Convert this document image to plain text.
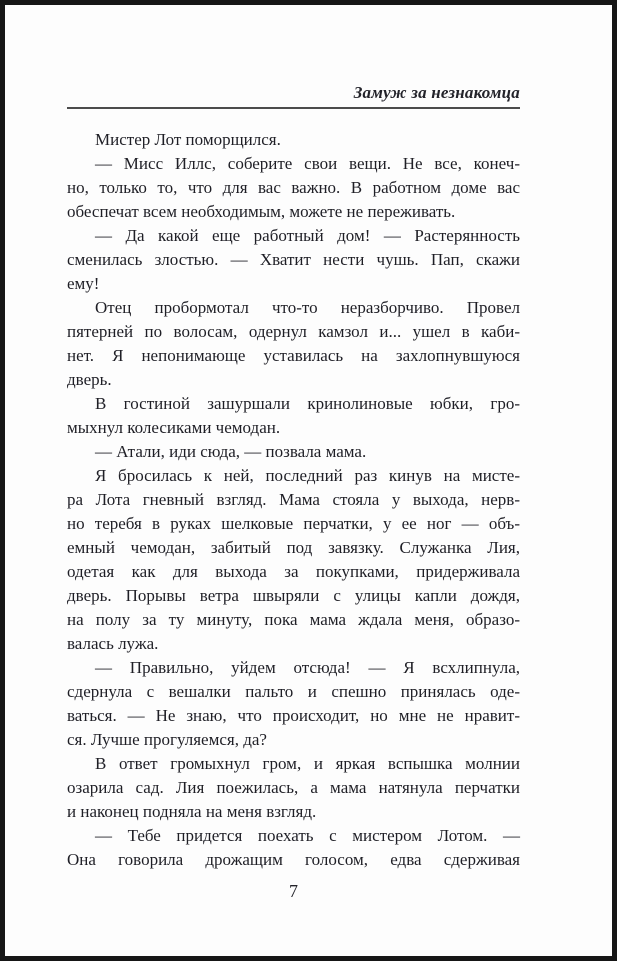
Замуж за незнакомца
Мистер Лот поморщился.
— Мисс Иллс, соберите свои вещи. Не все, конеч-
но, только то, что для вас важно. В работном доме вас
обеспечат всем необходимым, можете не переживать.
— Да какой еще работный дом! — Растерянность
сменилась злостью. — Хватит нести чушь. Пап, скажи
ему!
Отец пробормотал что-то неразборчиво. Провел
пятерней по волосам, одернул камзол и... ушел в каби-
нет. Я непонимающе уставилась на захлопнувшуюся
дверь.
В гостиной зашуршали кринолиновые юбки, гро-
мыхнул колесиками чемодан.
— Атали, иди сюда, — позвала мама.
Я бросилась к ней, последний раз кинув на мисте-
ра Лота гневный взгляд. Мама стояла у выхода, нерв-
но теребя в руках шелковые перчатки, у ее ног — объ-
емный чемодан, забитый под завязку. Служанка Лия,
одетая как для выхода за покупками, придерживала
дверь. Порывы ветра швыряли с улицы капли дождя,
на полу за ту минуту, пока мама ждала меня, образо-
валась лужа.
— Правильно, уйдем отсюда! — Я всхлипнула,
сдернула с вешалки пальто и спешно принялась оде-
ваться. — Не знаю, что происходит, но мне не нравит-
ся. Лучше прогуляемся, да?
В ответ громыхнул гром, и яркая вспышка молнии
озарила сад. Лия поежилась, а мама натянула перчатки
и наконец подняла на меня взгляд.
— Тебе придется поехать с мистером Лотом. —
Она говорила дрожащим голосом, едва сдерживая
7
